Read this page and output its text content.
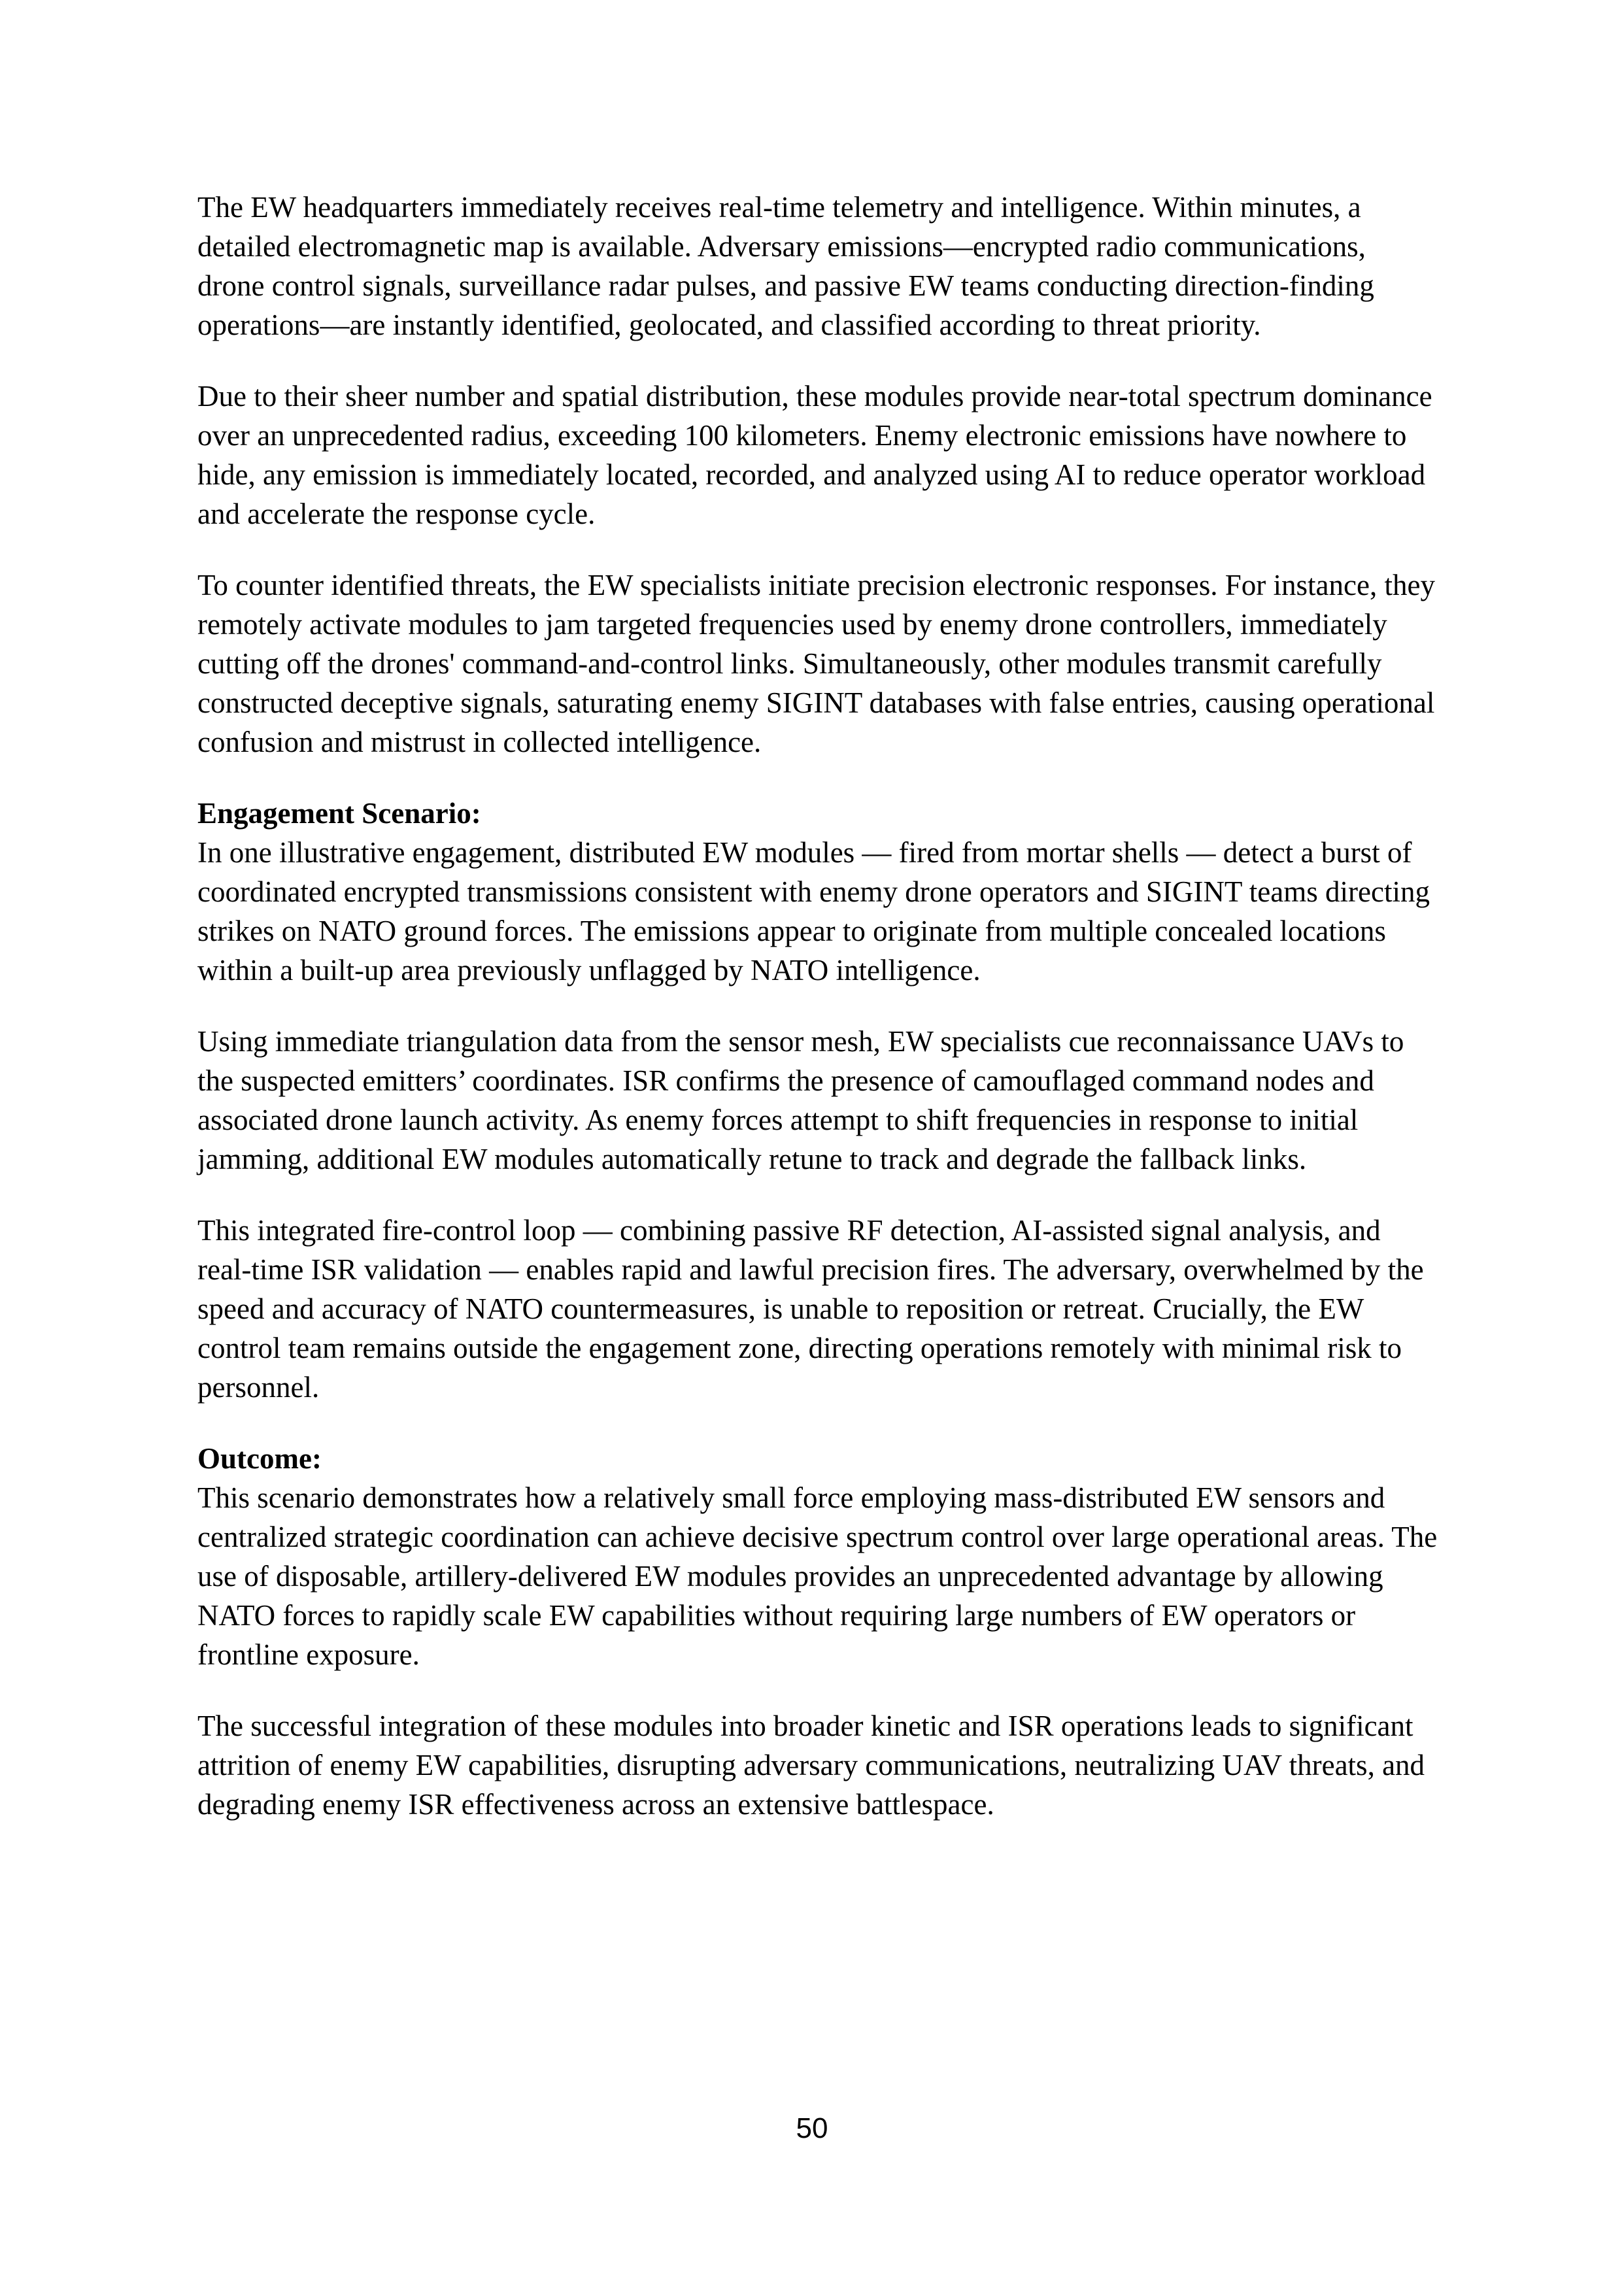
The EW headquarters immediately receives real-time telemetry and intelligence. Within minutes, a detailed electromagnetic map is available. Adversary emissions—encrypted radio communications, drone control signals, surveillance radar pulses, and passive EW teams conducting direction-finding operations—are instantly identified, geolocated, and classified according to threat priority.

Due to their sheer number and spatial distribution, these modules provide near-total spectrum dominance over an unprecedented radius, exceeding 100 kilometers. Enemy electronic emissions have nowhere to hide, any emission is immediately located, recorded, and analyzed using AI to reduce operator workload and accelerate the response cycle.

To counter identified threats, the EW specialists initiate precision electronic responses. For instance, they remotely activate modules to jam targeted frequencies used by enemy drone controllers, immediately cutting off the drones' command-and-control links. Simultaneously, other modules transmit carefully constructed deceptive signals, saturating enemy SIGINT databases with false entries, causing operational confusion and mistrust in collected intelligence.

Engagement Scenario:

In one illustrative engagement, distributed EW modules — fired from mortar shells — detect a burst of coordinated encrypted transmissions consistent with enemy drone operators and SIGINT teams directing strikes on NATO ground forces. The emissions appear to originate from multiple concealed locations within a built-up area previously unflagged by NATO intelligence.

Using immediate triangulation data from the sensor mesh, EW specialists cue reconnaissance UAVs to the suspected emitters’ coordinates. ISR confirms the presence of camouflaged command nodes and associated drone launch activity. As enemy forces attempt to shift frequencies in response to initial jamming, additional EW modules automatically retune to track and degrade the fallback links.

This integrated fire-control loop — combining passive RF detection, AI-assisted signal analysis, and real-time ISR validation — enables rapid and lawful precision fires. The adversary, overwhelmed by the speed and accuracy of NATO countermeasures, is unable to reposition or retreat. Crucially, the EW control team remains outside the engagement zone, directing operations remotely with minimal risk to personnel.

Outcome:

This scenario demonstrates how a relatively small force employing mass-distributed EW sensors and centralized strategic coordination can achieve decisive spectrum control over large operational areas. The use of disposable, artillery-delivered EW modules provides an unprecedented advantage by allowing NATO forces to rapidly scale EW capabilities without requiring large numbers of EW operators or frontline exposure.

The successful integration of these modules into broader kinetic and ISR operations leads to significant attrition of enemy EW capabilities, disrupting adversary communications, neutralizing UAV threats, and degrading enemy ISR effectiveness across an extensive battlespace.

50
